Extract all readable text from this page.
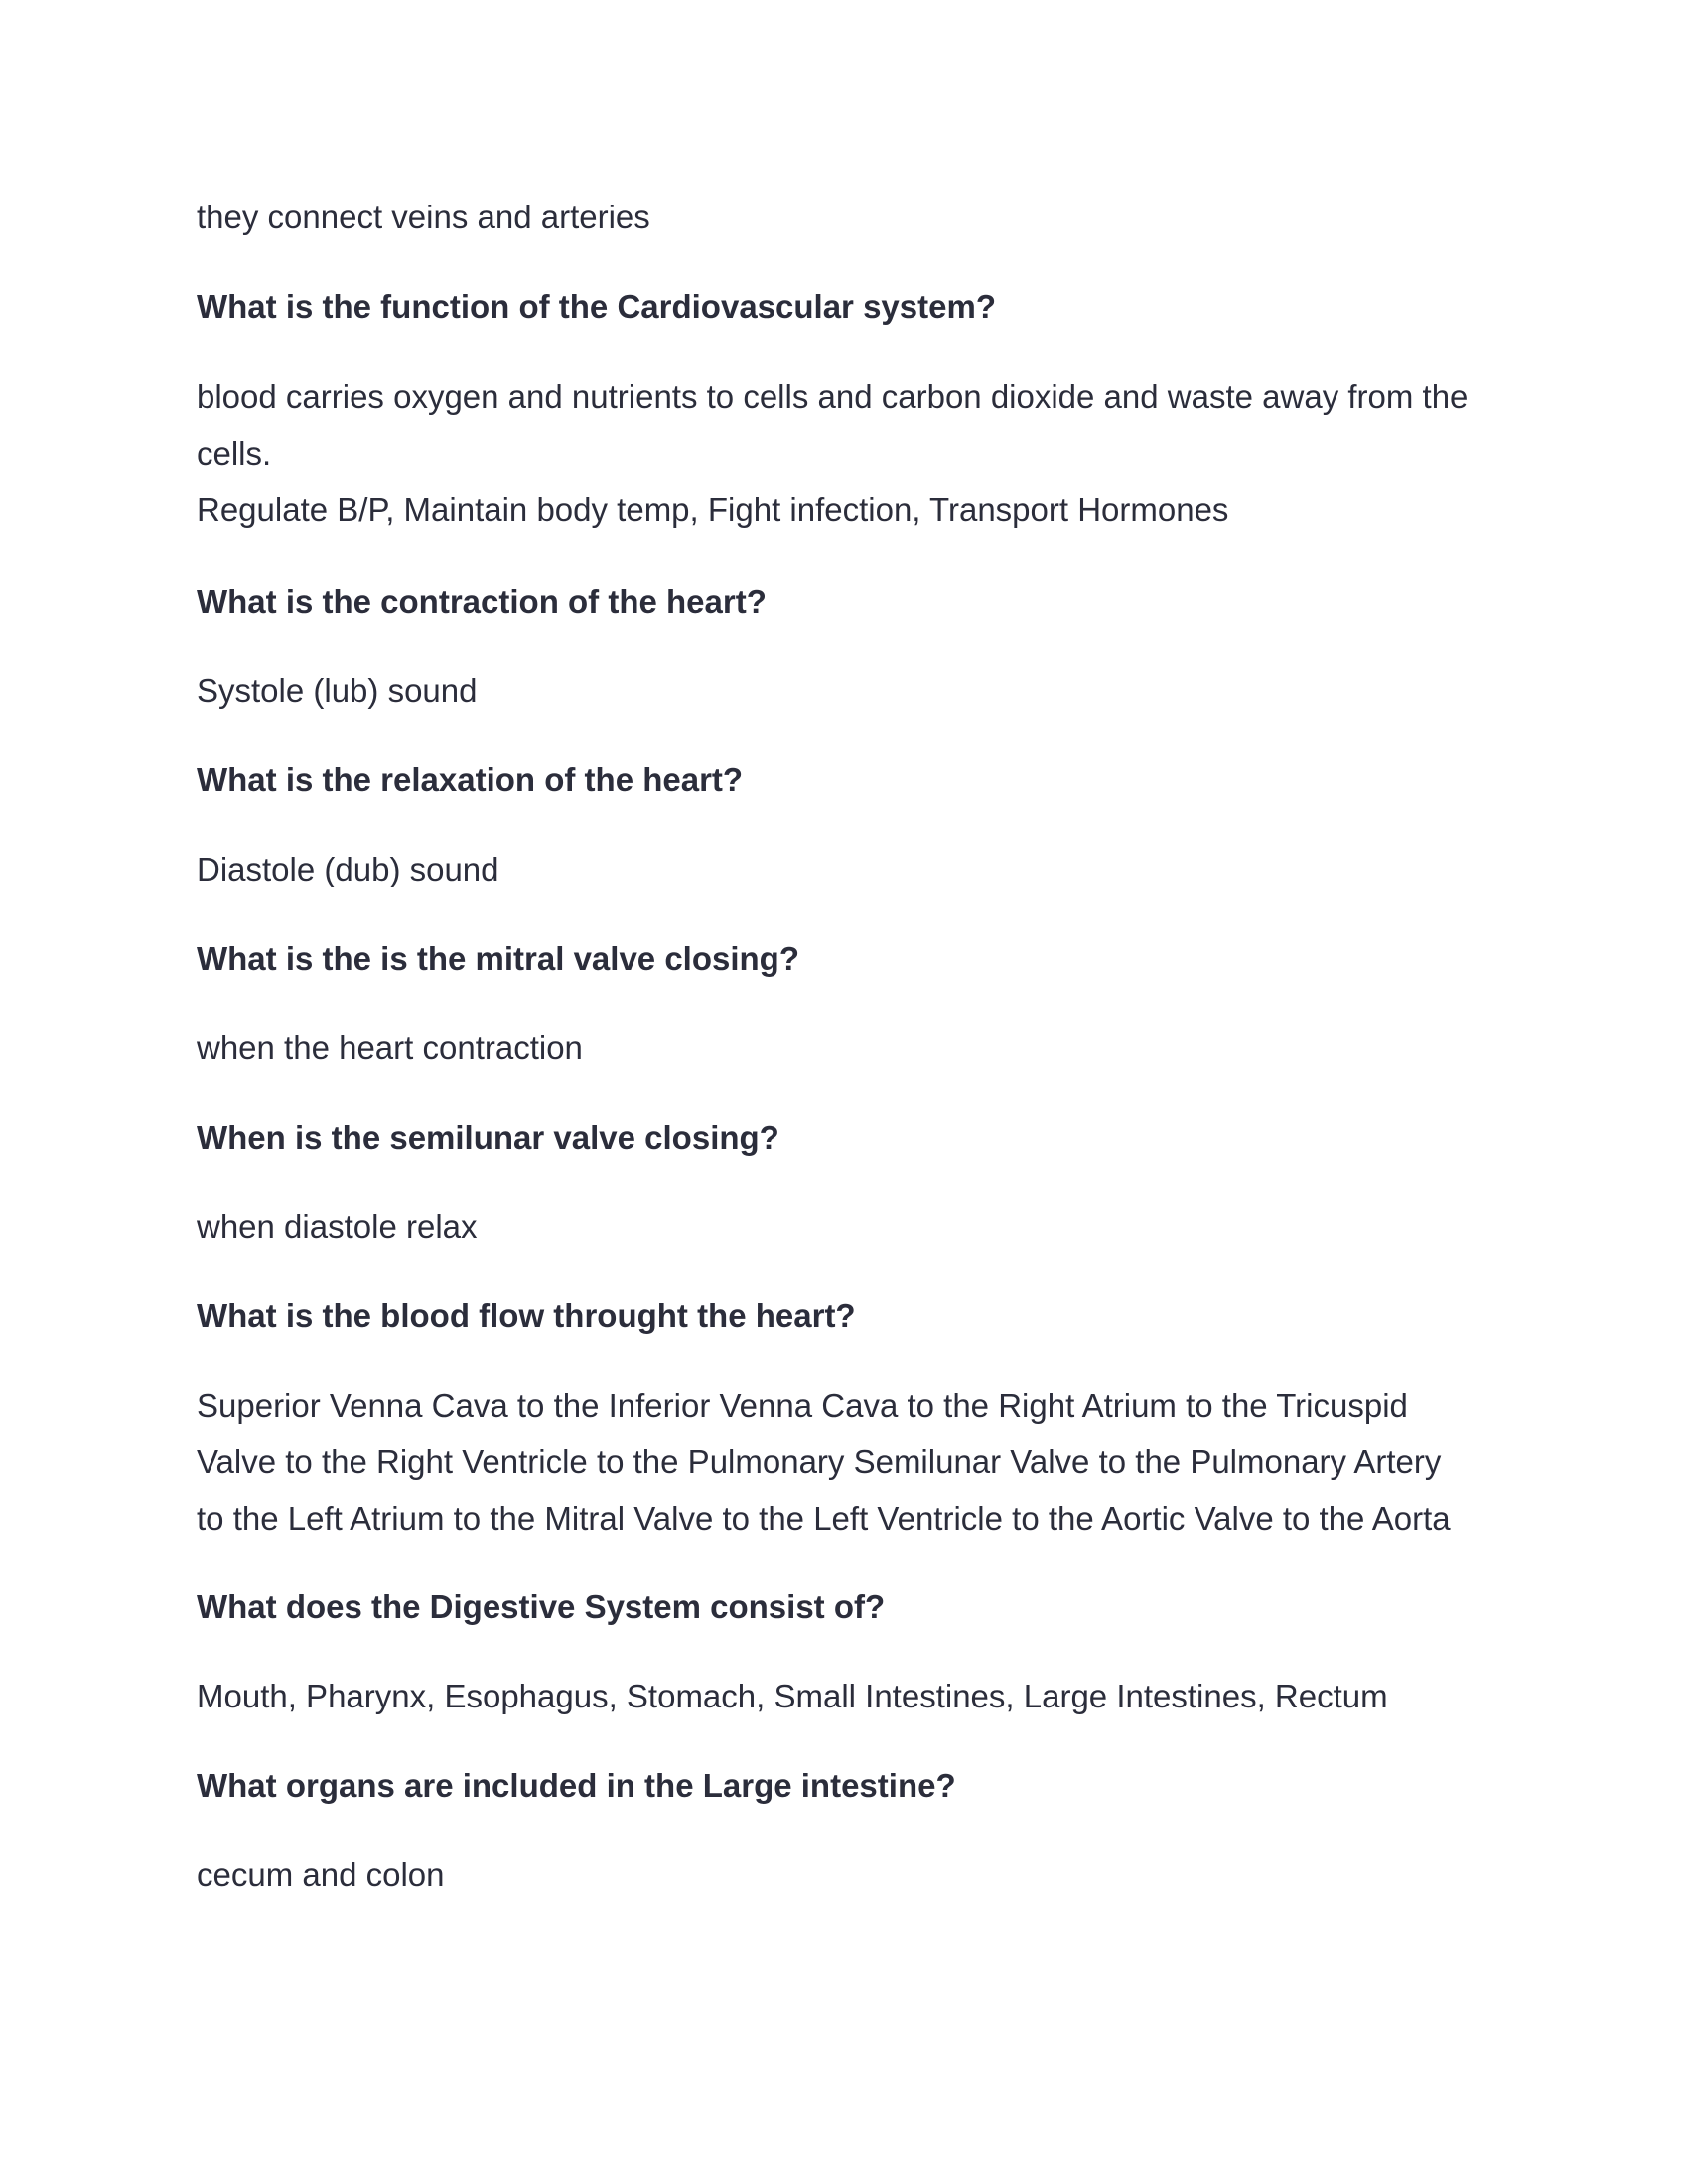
they connect veins and arteries

What is the function of the Cardiovascular system?

blood carries oxygen and nutrients to cells and carbon dioxide and waste away from the
cells.
Regulate B/P, Maintain body temp, Fight infection, Transport Hormones

What is the contraction of the heart?

Systole (lub) sound

What is the relaxation of the heart?

Diastole (dub) sound

What is the is the mitral valve closing?

when the heart contraction

When is the semilunar valve closing?

when diastole relax

What is the blood flow throught the heart?

Superior Venna Cava to the Inferior Venna Cava to the Right Atrium to the Tricuspid
Valve to the Right Ventricle to the Pulmonary Semilunar Valve to the Pulmonary Artery
to the Left Atrium to the Mitral Valve to the Left Ventricle to the Aortic Valve to the Aorta

What does the Digestive System consist of?

Mouth, Pharynx, Esophagus, Stomach, Small Intestines, Large Intestines, Rectum

What organs are included in the Large intestine?

cecum and colon
